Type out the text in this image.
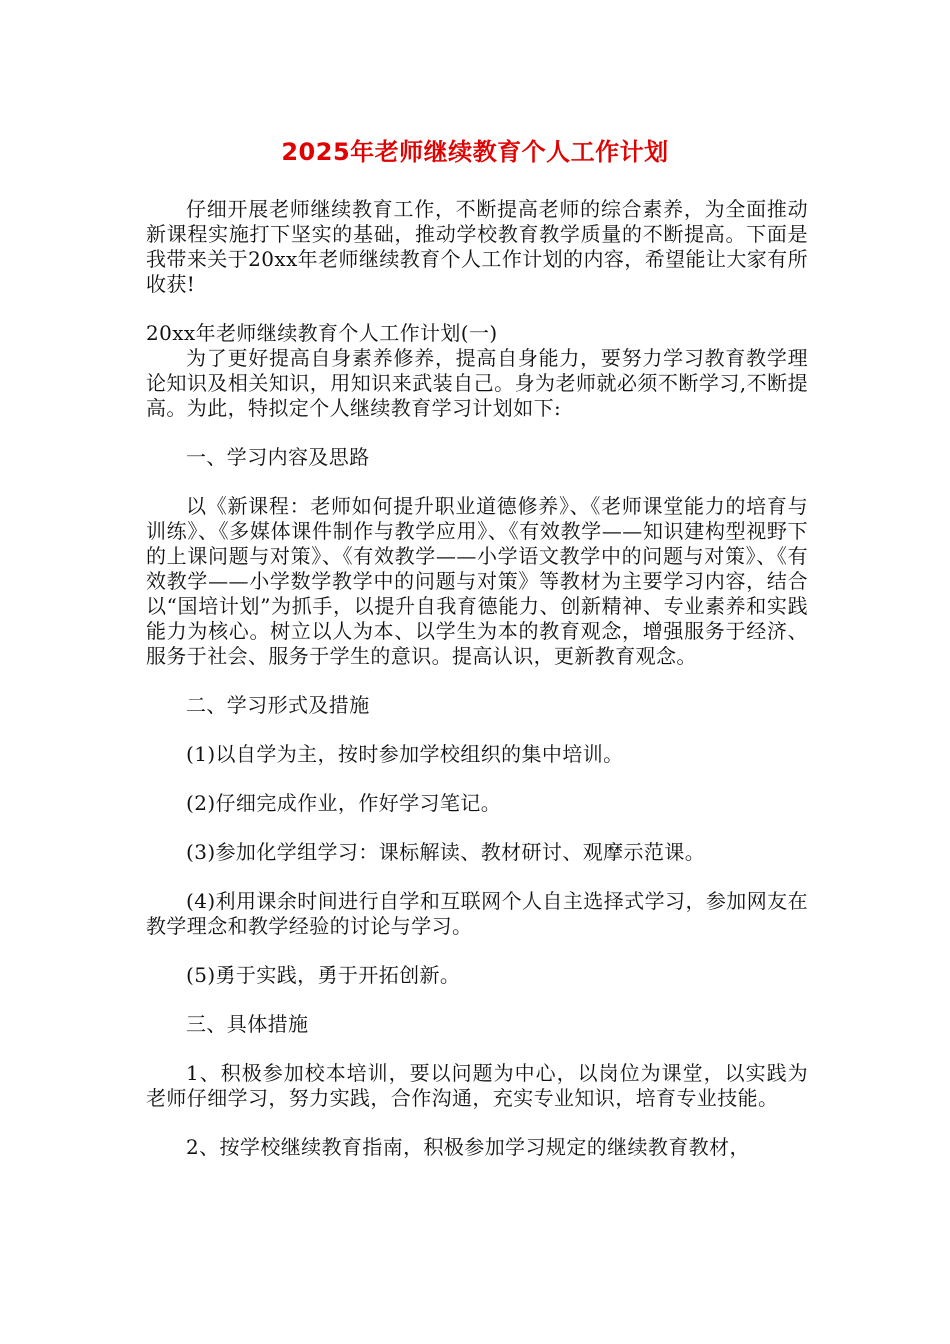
2025年老师继续教育个人工作计划

仔细开展老师继续教育工作，不断提高老师的综合素养，为全面推动新课程实施打下坚实的基础，推动学校教育教学质量的不断提高。下面是我带来关于20xx年老师继续教育个人工作计划的内容，希望能让大家有所收获!

20xx年老师继续教育个人工作计划(一)

为了更好提高自身素养修养，提高自身能力，要努力学习教育教学理论知识及相关知识，用知识来武装自己。身为老师就必须不断学习,不断提高。为此，特拟定个人继续教育学习计划如下:

一、学习内容及思路

以《新课程：老师如何提升职业道德修养》、《老师课堂能力的培育与训练》、《多媒体课件制作与教学应用》、《有效教学——知识建构型视野下的上课问题与对策》、《有效教学——小学语文教学中的问题与对策》、《有效教学——小学数学教学中的问题与对策》等教材为主要学习内容，结合以“国培计划”为抓手，以提升自我育德能力、创新精神、专业素养和实践能力为核心。树立以人为本、以学生为本的教育观念，增强服务于经济、服务于社会、服务于学生的意识。提高认识，更新教育观念。

二、学习形式及措施

(1)以自学为主，按时参加学校组织的集中培训。

(2)仔细完成作业，作好学习笔记。

(3)参加化学组学习：课标解读、教材研讨、观摩示范课。

(4)利用课余时间进行自学和互联网个人自主选择式学习，参加网友在教学理念和教学经验的讨论与学习。

(5)勇于实践，勇于开拓创新。

三、具体措施

1、积极参加校本培训，要以问题为中心，以岗位为课堂，以实践为老师仔细学习，努力实践，合作沟通，充实专业知识，培育专业技能。

2、按学校继续教育指南，积极参加学习规定的继续教育教材，
